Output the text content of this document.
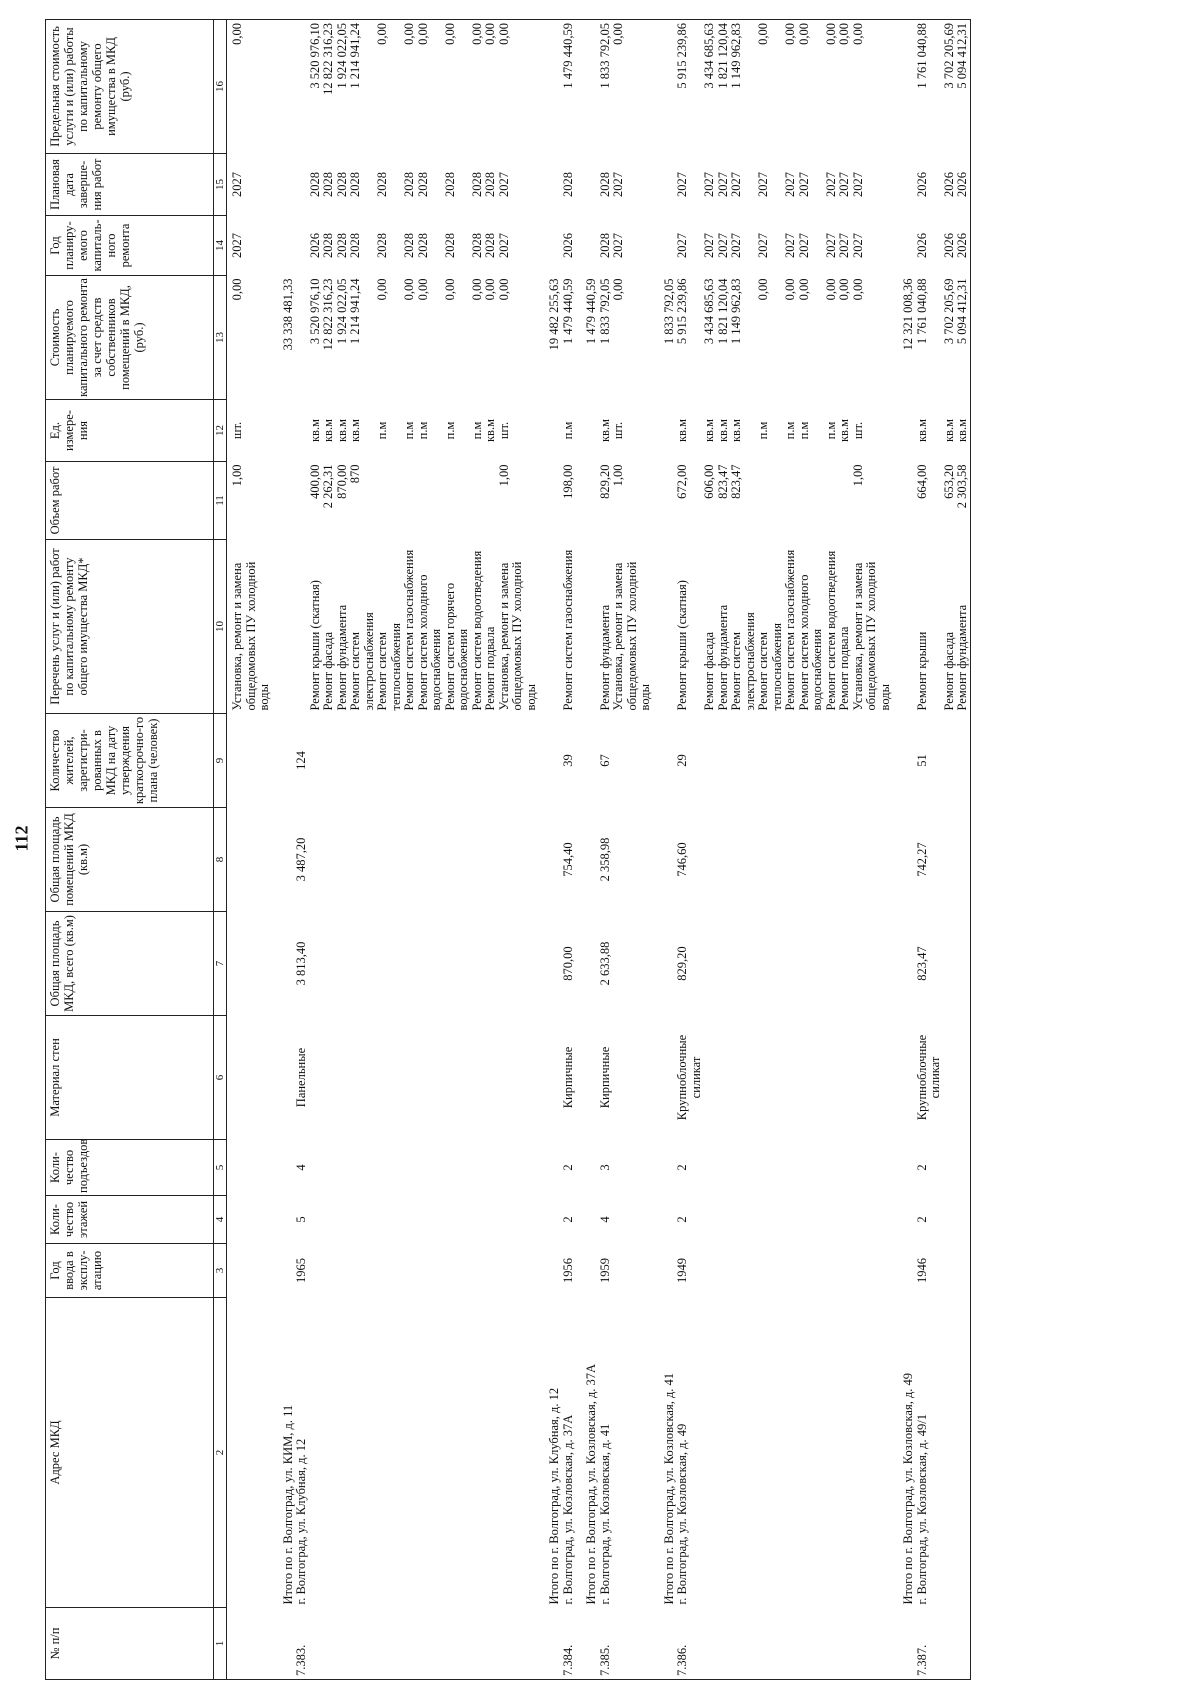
112
№ п/п	Адрес МКД	Год ввода в эксплу-атацию	Коли-чество этажей	Коли-чество подъездов	Материал стен	Общая площадь МКД, всего (кв.м)	Общая площадь помещений МКД (кв.м)	Количество жителей, зарегистри-рованных в МКД на дату утверждения краткосрочно-го плана (человек)	Перечень услуг и (или) работ по капитальному ремонту общего имущества МКД*	Объем работ	Ед. измере-ния	Стоимость планируемого капитального ремонта за счет средств собственников помещений в МКД, (руб.)	Год планиру-емого капиталь-ного ремонта	Плановая дата заверше-ния работ	Предельная стоимость услуги и (или) работы по капитальному ремонту общего имущества в МКД (руб.)
1	2	3	4	5	6	7	8	9	10	11	12	13	14	15	16
									Установка, ремонт и замена общедомовых ПУ холодной воды	1,00	шт.	0,00	2027	2027	0,00
	Итого по г. Волгоград, ул. КИМ, д. 11											33 338 481,33			
7.383.	г. Волгоград, ул. Клубная, д. 12	1965	5	4	Панельные	3 813,40	3 487,20	124							
									Ремонт крыши (скатная)	400,00	кв.м	3 520 976,10	2026	2028	3 520 976,10
									Ремонт фасада	2 262,31	кв.м	12 822 316,23	2028	2028	12 822 316,23
									Ремонт фундамента	870,00	кв.м	1 924 022,05	2028	2028	1 924 022,05
									Ремонт систем электроснабжения	870	кв.м	1 214 941,24	2028	2028	1 214 941,24
									Ремонт систем теплоснабжения		п.м	0,00	2028	2028	0,00
									Ремонт систем газоснабжения		п.м	0,00	2028	2028	0,00
									Ремонт систем холодного водоснабжения		п.м	0,00	2028	2028	0,00
									Ремонт систем горячего водоснабжения		п.м	0,00	2028	2028	0,00
									Ремонт систем водоотведения		п.м	0,00	2028	2028	0,00
									Ремонт подвала		кв.м	0,00	2028	2028	0,00
									Установка, ремонт и замена общедомовых ПУ холодной воды	1,00	шт.	0,00	2027	2027	0,00
	Итого по г. Волгоград, ул. Клубная, д. 12											19 482 255,63			
7.384.	г. Волгоград, ул. Козловская, д. 37А	1956	2	2	Кирпичные	870,00	754,40	39	Ремонт систем газоснабжения	198,00	п.м	1 479 440,59	2026	2028	1 479 440,59
	Итого по г. Волгоград, ул. Козловская, д. 37А											1 479 440,59			
7.385.	г. Волгоград, ул. Козловская, д. 41	1959	4	3	Кирпичные	2 633,88	2 358,98	67	Ремонт фундамента	829,20	кв.м	1 833 792,05	2028	2028	1 833 792,05
									Установка, ремонт и замена общедомовых ПУ холодной воды	1,00	шт.	0,00	2027	2027	0,00
	Итого по г. Волгоград, ул. Козловская, д. 41											1 833 792,05			
7.386.	г. Волгоград, ул. Козловская, д. 49	1949	2	2	Крупноблочные силикат	829,20	746,60	29	Ремонт крыши (скатная)	672,00	кв.м	5 915 239,86	2027	2027	5 915 239,86
									Ремонт фасада	606,00	кв.м	3 434 685,63	2027	2027	3 434 685,63
									Ремонт фундамента	823,47	кв.м	1 821 120,04	2027	2027	1 821 120,04
									Ремонт систем электроснабжения	823,47	кв.м	1 149 962,83	2027	2027	1 149 962,83
									Ремонт систем теплоснабжения		п.м	0,00	2027	2027	0,00
									Ремонт систем газоснабжения		п.м	0,00	2027	2027	0,00
									Ремонт систем холодного водоснабжения		п.м	0,00	2027	2027	0,00
									Ремонт систем водоотведения		п.м	0,00	2027	2027	0,00
									Ремонт подвала		кв.м	0,00	2027	2027	0,00
									Установка, ремонт и замена общедомовых ПУ холодной воды	1,00	шт.	0,00	2027	2027	0,00
	Итого по г. Волгоград, ул. Козловская, д. 49											12 321 008,36			
7.387.	г. Волгоград, ул. Козловская, д. 49/1	1946	2	2	Крупноблочные силикат	823,47	742,27	51	Ремонт крыши	664,00	кв.м	1 761 040,88	2026	2026	1 761 040,88
									Ремонт фасада	653,20	кв.м	3 702 205,69	2026	2026	3 702 205,69
									Ремонт фундамента	2 303,58	кв.м	5 094 412,31	2026	2026	5 094 412,31
